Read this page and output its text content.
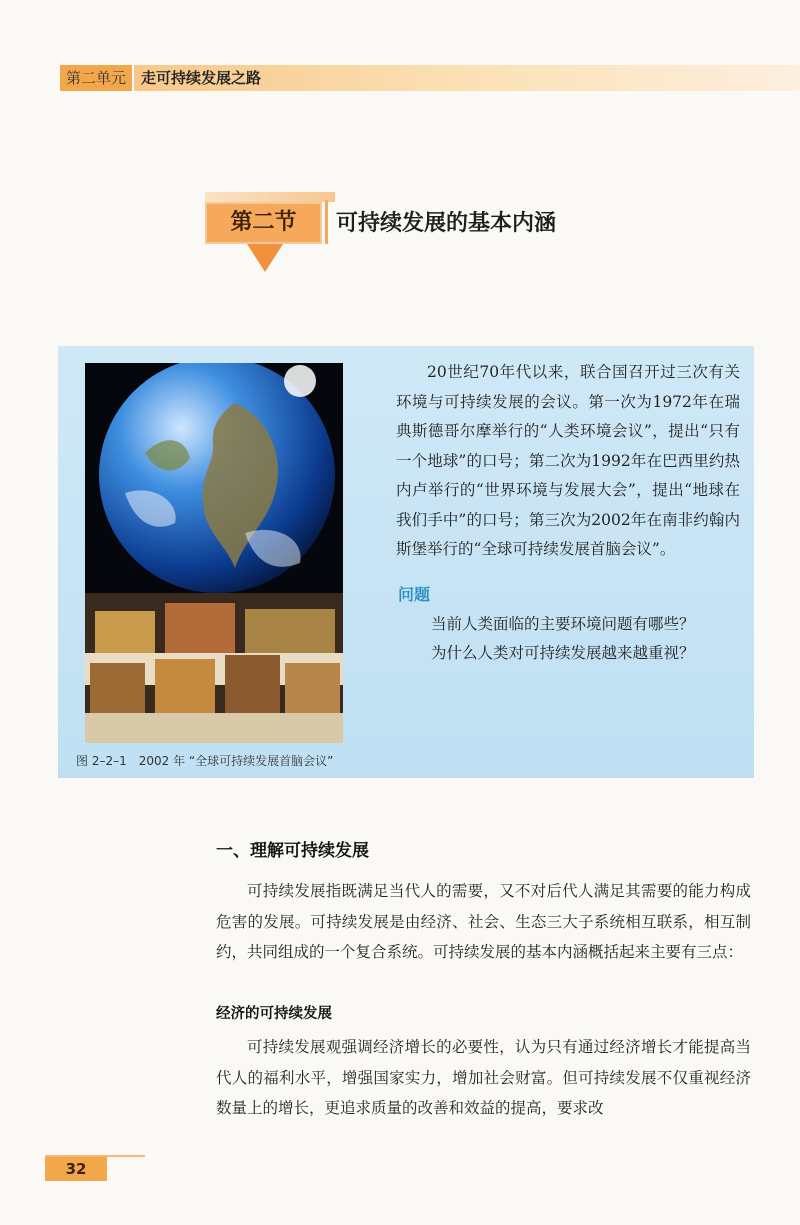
第二单元	走可持续发展之路
第二节	可持续发展的基本内涵
图 2–2–1　2002 年 “全球可持续发展首脑会议”
20世纪70年代以来，联合国召开过三次有关环境与可持续发展的会议。第一次为1972年在瑞典斯德哥尔摩举行的“人类环境会议”，提出“只有一个地球”的口号；第二次为1992年在巴西里约热内卢举行的“世界环境与发展大会”，提出“地球在我们手中”的口号；第三次为2002年在南非约翰内斯堡举行的“全球可持续发展首脑会议”。
问题
当前人类面临的主要环境问题有哪些？
为什么人类对可持续发展越来越重视？
一、理解可持续发展
可持续发展指既满足当代人的需要，又不对后代人满足其需要的能力构成危害的发展。可持续发展是由经济、社会、生态三大子系统相互联系，相互制约，共同组成的一个复合系统。可持续发展的基本内涵概括起来主要有三点：
经济的可持续发展
可持续发展观强调经济增长的必要性，认为只有通过经济增长才能提高当代人的福利水平，增强国家实力，增加社会财富。但可持续发展不仅重视经济数量上的增长，更追求质量的改善和效益的提高，要求改
32
